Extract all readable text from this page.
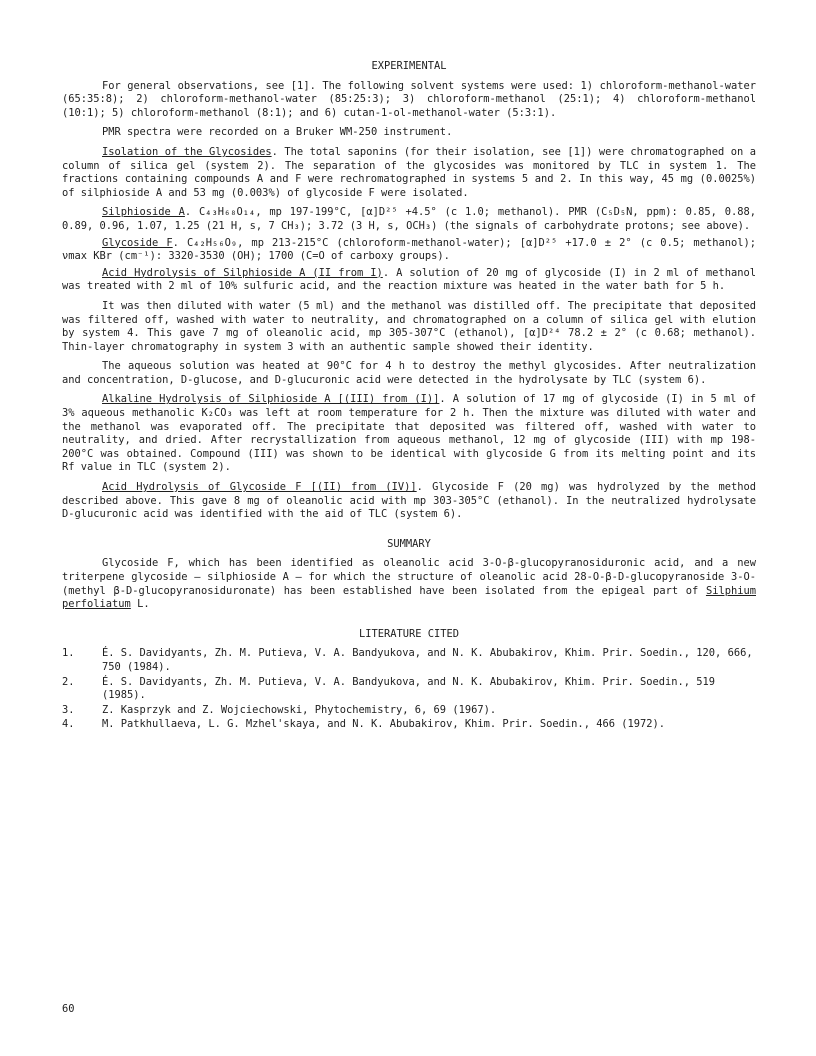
EXPERIMENTAL

For general observations, see [1]. The following solvent systems were used: 1) chloroform-methanol-water (65:35:8); 2) chloroform-methanol-water (85:25:3); 3) chloroform-methanol (25:1); 4) chloroform-methanol (10:1); 5) chloroform-methanol (8:1); and 6) cutan-1-ol-methanol-water (5:3:1).

PMR spectra were recorded on a Bruker WM-250 instrument.

Isolation of the Glycosides. The total saponins (for their isolation, see [1]) were chromatographed on a column of silica gel (system 2). The separation of the glycosides was monitored by TLC in system 1. The fractions containing compounds A and F were rechromatographed in systems 5 and 2. In this way, 45 mg (0.0025%) of silphioside A and 53 mg (0.003%) of glycoside F were isolated.

Silphioside A. C₄₃H₆₈O₁₄, mp 197-199°C, [α]D²⁵ +4.5° (c 1.0; methanol). PMR (C₅D₅N, ppm): 0.85, 0.88, 0.89, 0.96, 1.07, 1.25 (21 H, s, 7 CH₃); 3.72 (3 H, s, OCH₃) (the signals of carbohydrate protons; see above).

Glycoside F. C₄₂H₅₆O₉, mp 213-215°C (chloroform-methanol-water); [α]D²⁵ +17.0 ± 2° (c 0.5; methanol); νmax KBr (cm⁻¹): 3320-3530 (OH); 1700 (C=O of carboxy groups).

Acid Hydrolysis of Silphioside A (II from I). A solution of 20 mg of glycoside (I) in 2 ml of methanol was treated with 2 ml of 10% sulfuric acid, and the reaction mixture was heated in the water bath for 5 h.

It was then diluted with water (5 ml) and the methanol was distilled off. The precipitate that deposited was filtered off, washed with water to neutrality, and chromatographed on a column of silica gel with elution by system 4. This gave 7 mg of oleanolic acid, mp 305-307°C (ethanol), [α]D²⁴ 78.2 ± 2° (c 0.68; methanol). Thin-layer chromatography in system 3 with an authentic sample showed their identity.

The aqueous solution was heated at 90°C for 4 h to destroy the methyl glycosides. After neutralization and concentration, D-glucose, and D-glucuronic acid were detected in the hydrolysate by TLC (system 6).

Alkaline Hydrolysis of Silphioside A [(III) from (I)]. A solution of 17 mg of glycoside (I) in 5 ml of 3% aqueous methanolic K₂CO₃ was left at room temperature for 2 h. Then the mixture was diluted with water and the methanol was evaporated off. The precipitate that deposited was filtered off, washed with water to neutrality, and dried. After recrystallization from aqueous methanol, 12 mg of glycoside (III) with mp 198-200°C was obtained. Compound (III) was shown to be identical with glycoside G from its melting point and its Rf value in TLC (system 2).

Acid Hydrolysis of Glycoside F [(II) from (IV)]. Glycoside F (20 mg) was hydrolyzed by the method described above. This gave 8 mg of oleanolic acid with mp 303-305°C (ethanol). In the neutralized hydrolysate D-glucuronic acid was identified with the aid of TLC (system 6).

SUMMARY

Glycoside F, which has been identified as oleanolic acid 3-O-β-glucopyranosiduronic acid, and a new triterpene glycoside — silphioside A — for which the structure of oleanolic acid 28-O-β-D-glucopyranoside 3-O-(methyl β-D-glucopyranosiduronate) has been established have been isolated from the epigeal part of Silphium perfoliatum L.

LITERATURE CITED
1.	É. S. Davidyants, Zh. M. Putieva, V. A. Bandyukova, and N. K. Abubakirov, Khim. Prir. Soedin., 120, 666, 750 (1984).
2.	É. S. Davidyants, Zh. M. Putieva, V. A. Bandyukova, and N. K. Abubakirov, Khim. Prir. Soedin., 519 (1985).
3.	Z. Kasprzyk and Z. Wojciechowski, Phytochemistry, 6, 69 (1967).
4.	M. Patkhullaeva, L. G. Mzhel'skaya, and N. K. Abubakirov, Khim. Prir. Soedin., 466 (1972).
60
